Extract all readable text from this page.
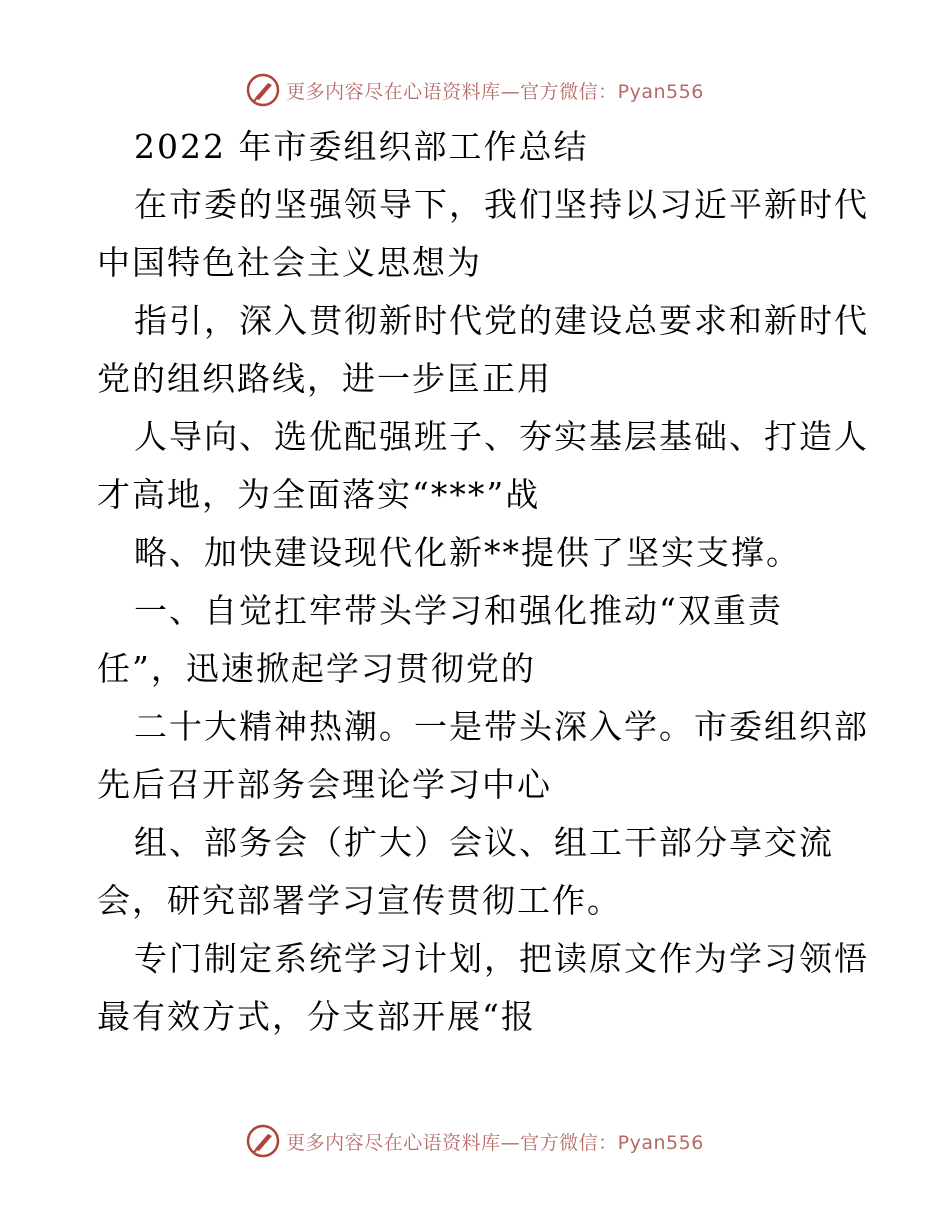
更多内容尽在心语资料库—官方微信：Pyan556
2022 年市委组织部工作总结
在市委的坚强领导下，我们坚持以习近平新时代
中国特色社会主义思想为
指引，深入贯彻新时代党的建设总要求和新时代
党的组织路线，进一步匡正用
人导向、选优配强班子、夯实基层基础、打造人
才高地，为全面落实“***”战
略、加快建设现代化新**提供了坚实支撑。
一、自觉扛牢带头学习和强化推动“双重责
任”，迅速掀起学习贯彻党的
二十大精神热潮。一是带头深入学。市委组织部
先后召开部务会理论学习中心
组、部务会（扩大）会议、组工干部分享交流
会，研究部署学习宣传贯彻工作。
专门制定系统学习计划，把读原文作为学习领悟
最有效方式，分支部开展“报
更多内容尽在心语资料库—官方微信：Pyan556
